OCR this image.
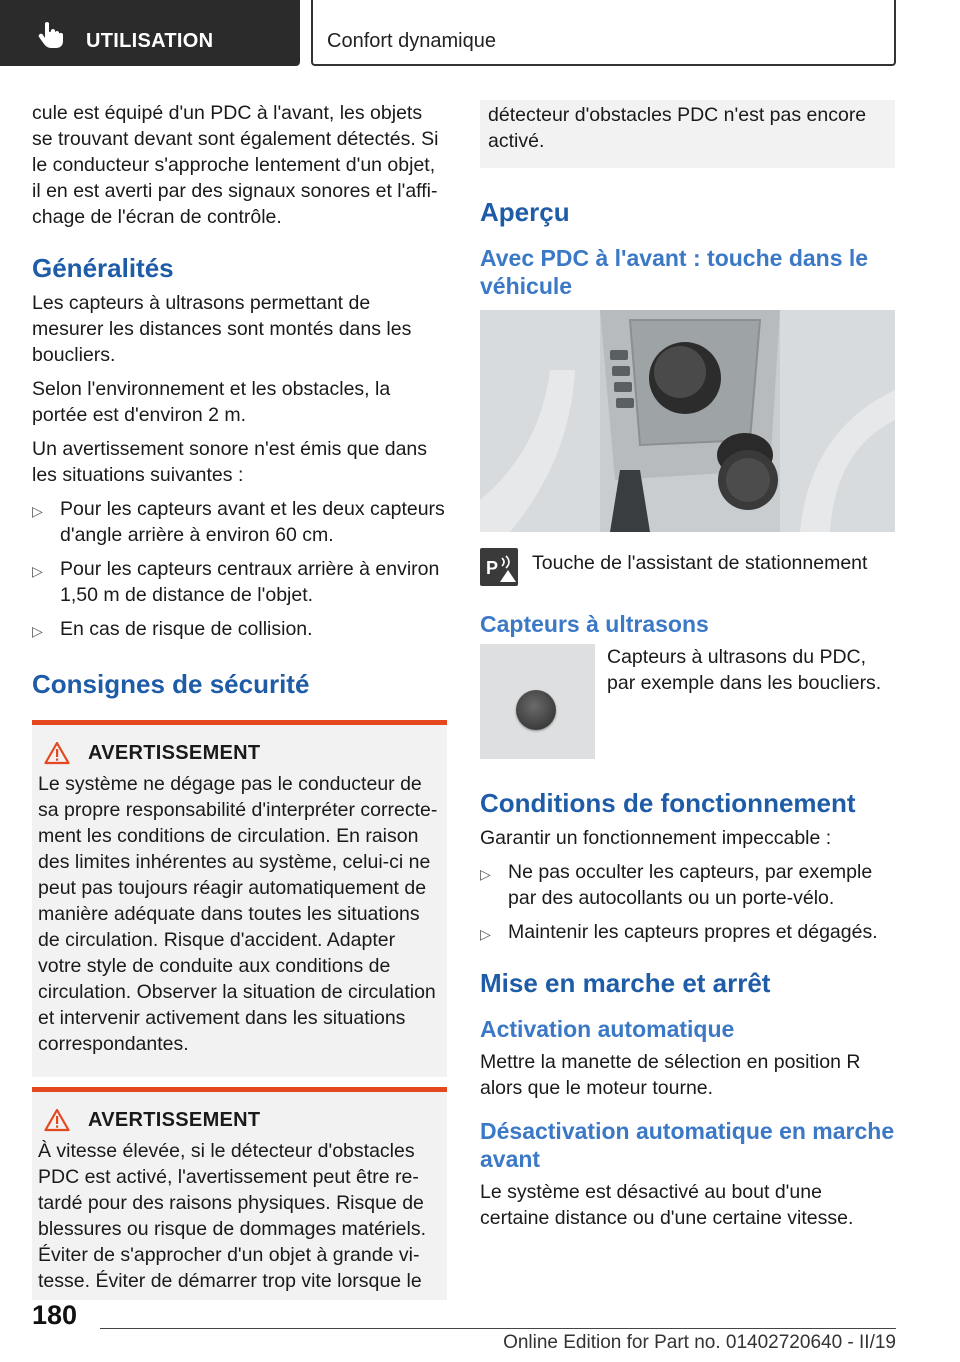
UTILISATION	Confort dynamique

cule est équipé d'un PDC à l'avant, les objets se trouvant devant sont également détectés. Si le conducteur s'approche lentement d'un objet, il en est averti par des signaux sonores et l'affichage de l'écran de contrôle.

Généralités

Les capteurs à ultrasons permettant de mesurer les distances sont montés dans les boucliers.

Selon l'environnement et les obstacles, la portée est d'environ 2 m.

Un avertissement sonore n'est émis que dans les situations suivantes :

▷ Pour les capteurs avant et les deux capteurs d'angle arrière à environ 60 cm.
▷ Pour les capteurs centraux arrière à environ 1,50 m de distance de l'objet.
▷ En cas de risque de collision.
Consignes de sécurité
AVERTISSEMENT

Le système ne dégage pas le conducteur de sa propre responsabilité d'interpréter correctement les conditions de circulation. En raison des limites inhérentes au système, celui-ci ne peut pas toujours réagir automatiquement de manière adéquate dans toutes les situations de circulation. Risque d'accident. Adapter votre style de conduite aux conditions de circulation. Observer la situation de circulation et intervenir activement dans les situations correspondantes.

AVERTISSEMENT

À vitesse élevée, si le détecteur d'obstacles PDC est activé, l'avertissement peut être retardé pour des raisons physiques. Risque de blessures ou risque de dommages matériels. Éviter de s'approcher d'un objet à grande vitesse. Éviter de démarrer trop vite lorsque le

détecteur d'obstacles PDC n'est pas encore activé.

Aperçu
Avec PDC à l'avant : touche dans le véhicule
P Touche de l'assistant de stationnement

Capteurs à ultrasons

Capteurs à ultrasons du PDC, par exemple dans les boucliers.

Conditions de fonctionnement

Garantir un fonctionnement impeccable :

▷ Ne pas occulter les capteurs, par exemple par des autocollants ou un porte-vélo.
▷ Maintenir les capteurs propres et dégagés.
Mise en marche et arrêt
Activation automatique

Mettre la manette de sélection en position R alors que le moteur tourne.

Désactivation automatique en marche avant

Le système est désactivé au bout d'une certaine distance ou d'une certaine vitesse.

180
Online Edition for Part no. 01402720640 - II/19
